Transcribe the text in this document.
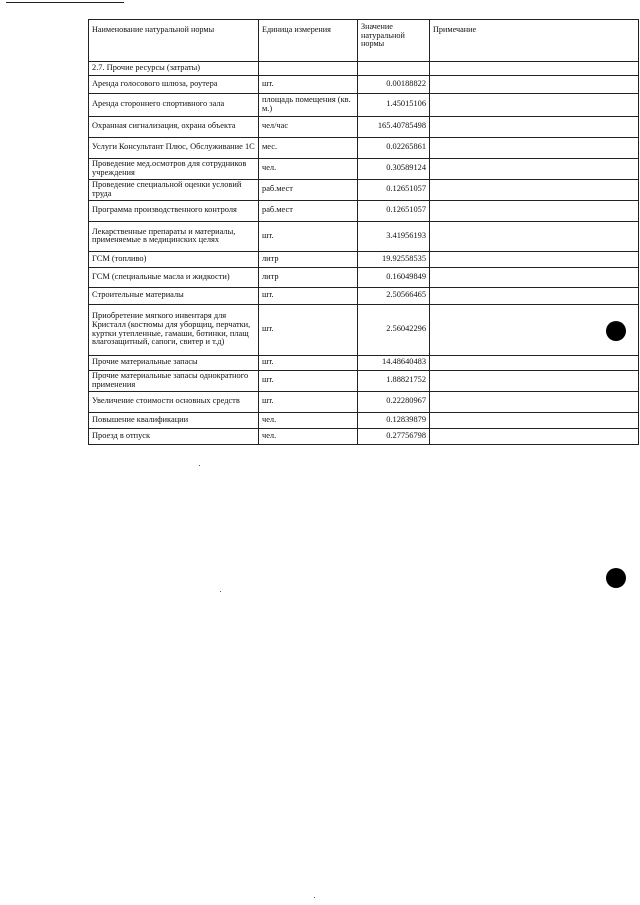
Наименование натуральной нормы	Единица измерения	Значение натуральной нормы	Примечание
2.7. Прочие ресурсы (затраты)			
Аренда голосового шлюза, роутера	шт.	0.00188822	
Аренда стороннего спортивного зала	площадь помещения (кв. м.)	1.45015106	
Охранная сигнализация, охрана объекта	чел/час	165.40785498	
Услуги Консультант Плюс, Обслуживание 1С	мес.	0.02265861	
Проведение мед.осмотров для сотрудников учреждения	чел.	0.30589124	
Проведение специальной оценки условий труда	раб.мест	0.12651057	
Программа производственного контроля	раб.мест	0.12651057	
Лекарственные препараты и материалы, применяемые в медицинских целях	шт.	3.41956193	
ГСМ (топливо)	литр	19.92558535	
ГСМ (специальные масла и жидкости)	литр	0.16049849	
Строительные материалы	шт.	2.50566465	
Приобретение мягкого инвентаря для Кристалл (костюмы для уборщиц, перчатки, куртки утепленные, гамаши, ботинки, плащ влагозащитный, сапоги, свитер и т.д)	шт.	2.56042296	
Прочие материальные запасы	шт.	14.48640483	
Прочие материальные запасы однократного применения	шт.	1.88821752	
Увеличение стоимости основных средств	шт.	0.22280967	
Повышение квалификации	чел.	0.12839879	
Проезд в отпуск	чел.	0.27756798	
